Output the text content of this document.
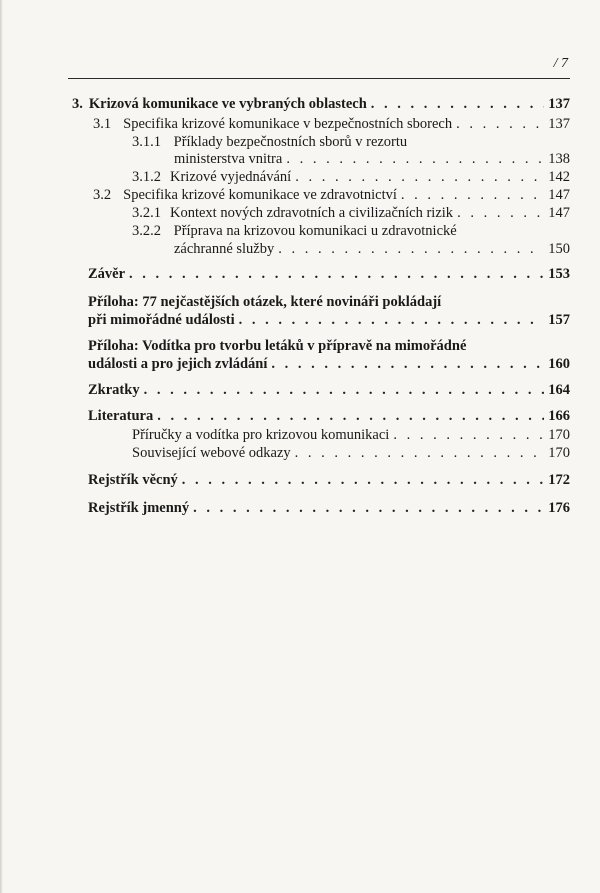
/ 7
3. Krizová komunikace ve vybraných oblastech . . .	137
3.1 Specifika krizové komunikace v bezpečnostních sborech . . .	137
3.1.1 Příklady bezpečnostních sborů v rezortu
ministerstva vnitra . . .	138
3.1.2 Krizové vyjednávání . . .	142
3.2 Specifika krizové komunikace ve zdravotnictví . . .	147
3.2.1 Kontext nových zdravotních a civilizačních rizik . . .	147
3.2.2 Příprava na krizovou komunikaci u zdravotnické
záchranné služby . . .	150
Závěr . . .	153
Příloha: 77 nejčastějších otázek, které novináři pokládají
při mimořádné události . . .	157
Příloha: Vodítka pro tvorbu letáků v přípravě na mimořádné
události a pro jejich zvládání . . .	160
Zkratky . . .	164
Literatura . . .	166
Příručky a vodítka pro krizovou komunikaci . . .	170
Související webové odkazy . . .	170
Rejstřík věcný . . .	172
Rejstřík jmenný . . .	176
